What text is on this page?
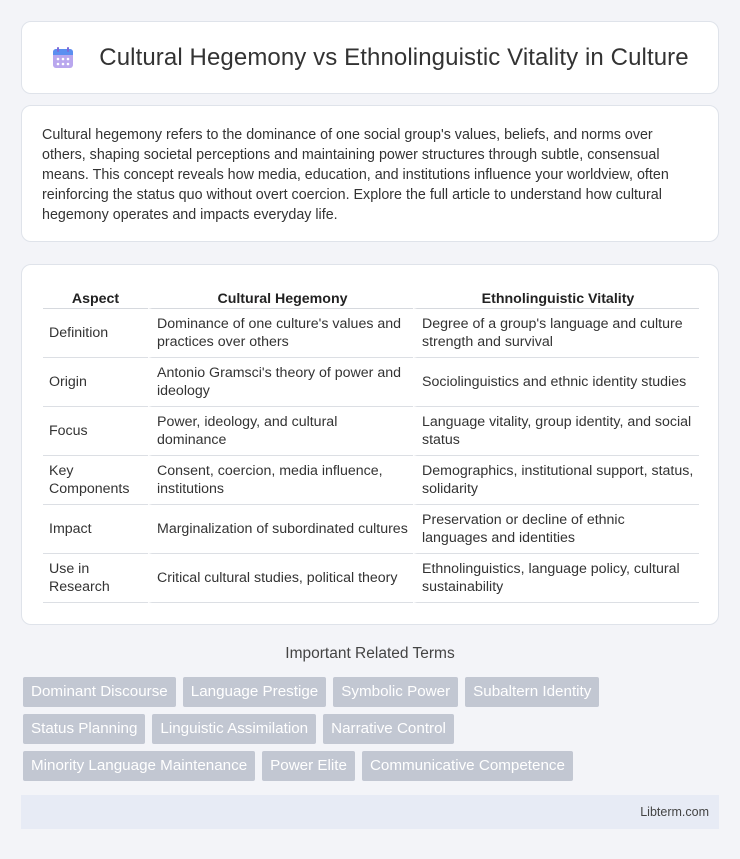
Cultural Hegemony vs Ethnolinguistic Vitality in Culture

Cultural hegemony refers to the dominance of one social group's values, beliefs, and norms over others, shaping societal perceptions and maintaining power structures through subtle, consensual means. This concept reveals how media, education, and institutions influence your worldview, often reinforcing the status quo without overt coercion. Explore the full article to understand how cultural hegemony operates and impacts everyday life.

Aspect	Cultural Hegemony	Ethnolinguistic Vitality
Definition	Dominance of one culture's values and practices over others	Degree of a group's language and culture strength and survival
Origin	Antonio Gramsci's theory of power and ideology	Sociolinguistics and ethnic identity studies
Focus	Power, ideology, and cultural dominance	Language vitality, group identity, and social status
Key Components	Consent, coercion, media influence, institutions	Demographics, institutional support, status, solidarity
Impact	Marginalization of subordinated cultures	Preservation or decline of ethnic languages and identities
Use in Research	Critical cultural studies, political theory	Ethnolinguistics, language policy, cultural sustainability
Important Related Terms
Dominant Discourse	Language Prestige	Symbolic Power	Subaltern Identity
Status Planning	Linguistic Assimilation	Narrative Control
Minority Language Maintenance	Power Elite	Communicative Competence
Libterm.com
